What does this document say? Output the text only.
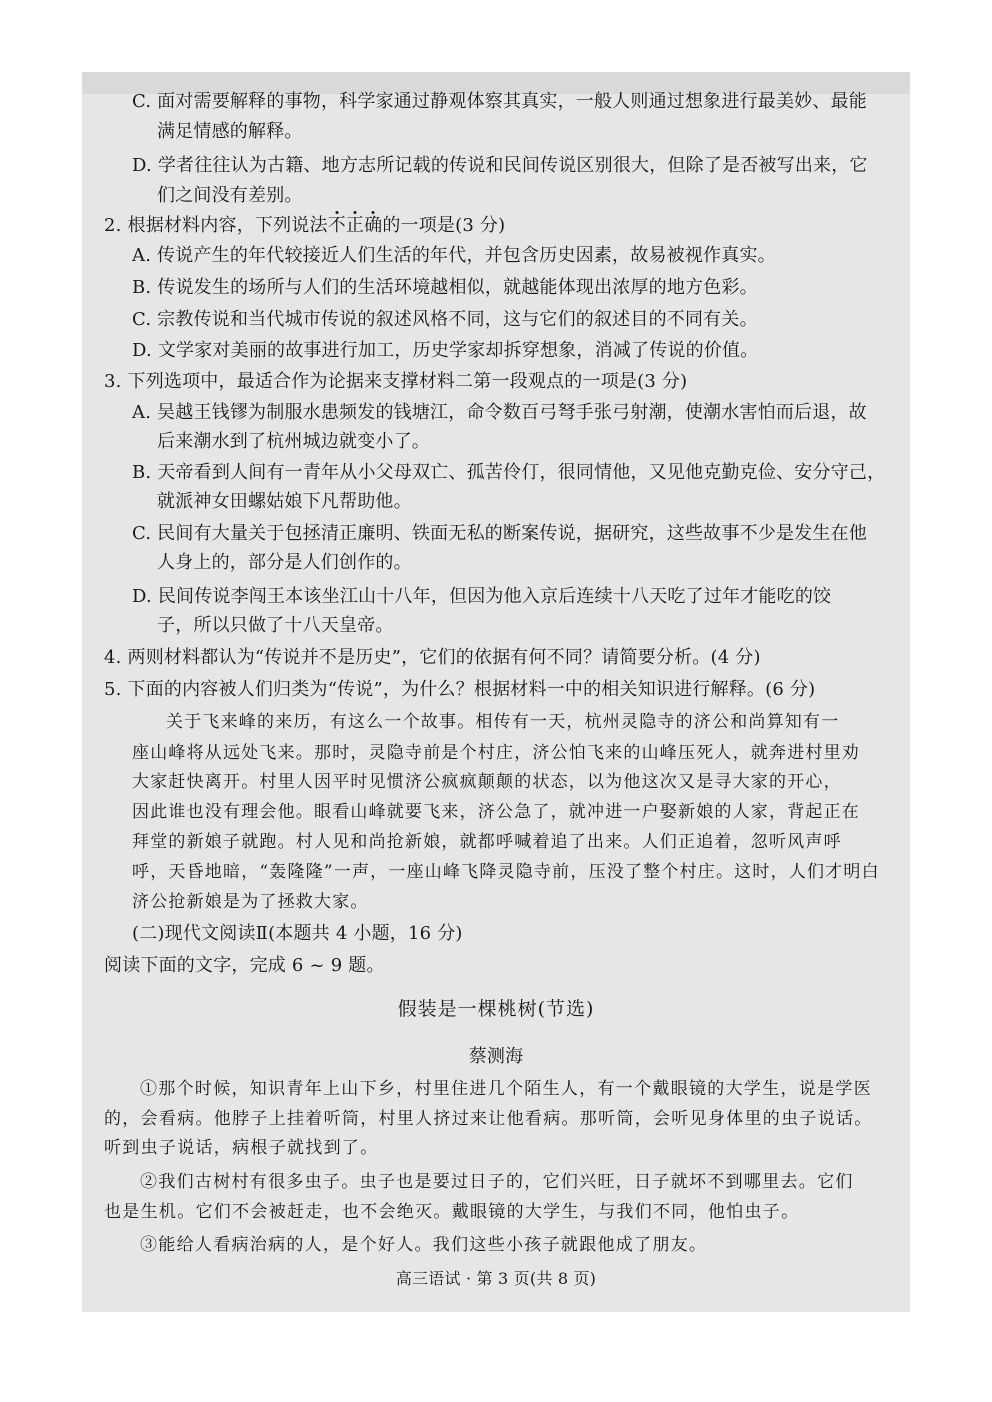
C. 面对需要解释的事物，科学家通过静观体察其真实，一般人则通过想象进行最美妙、最能
满足情感的解释。
D. 学者往往认为古籍、地方志所记载的传说和民间传说区别很大，但除了是否被写出来，它
们之间没有差别。
2. 根据材料内容，下列说法不正确的一项是(3 分)
A. 传说产生的年代较接近人们生活的年代，并包含历史因素，故易被视作真实。
B. 传说发生的场所与人们的生活环境越相似，就越能体现出浓厚的地方色彩。
C. 宗教传说和当代城市传说的叙述风格不同，这与它们的叙述目的不同有关。
D. 文学家对美丽的故事进行加工，历史学家却拆穿想象，消减了传说的价值。
3. 下列选项中，最适合作为论据来支撑材料二第一段观点的一项是(3 分)
A. 吴越王钱镠为制服水患频发的钱塘江，命令数百弓弩手张弓射潮，使潮水害怕而后退，故
后来潮水到了杭州城边就变小了。
B. 天帝看到人间有一青年从小父母双亡、孤苦伶仃，很同情他，又见他克勤克俭、安分守己，
就派神女田螺姑娘下凡帮助他。
C. 民间有大量关于包拯清正廉明、铁面无私的断案传说，据研究，这些故事不少是发生在他
人身上的，部分是人们创作的。
D. 民间传说李闯王本该坐江山十八年，但因为他入京后连续十八天吃了过年才能吃的饺
子，所以只做了十八天皇帝。
4. 两则材料都认为“传说并不是历史”，它们的依据有何不同？请简要分析。(4 分)
5. 下面的内容被人们归类为“传说”，为什么？根据材料一中的相关知识进行解释。(6 分)
关于飞来峰的来历，有这么一个故事。相传有一天，杭州灵隐寺的济公和尚算知有一
座山峰将从远处飞来。那时，灵隐寺前是个村庄，济公怕飞来的山峰压死人，就奔进村里劝
大家赶快离开。村里人因平时见惯济公疯疯颠颠的状态，以为他这次又是寻大家的开心，
因此谁也没有理会他。眼看山峰就要飞来，济公急了，就冲进一户娶新娘的人家，背起正在
拜堂的新娘子就跑。村人见和尚抢新娘，就都呼喊着追了出来。人们正追着，忽听风声呼
呼，天昏地暗，“轰隆隆”一声，一座山峰飞降灵隐寺前，压没了整个村庄。这时，人们才明白
济公抢新娘是为了拯救大家。
(二)现代文阅读Ⅱ(本题共 4 小题，16 分)
阅读下面的文字，完成 6 ~ 9 题。
假装是一棵桃树(节选)
蔡测海
①那个时候，知识青年上山下乡，村里住进几个陌生人，有一个戴眼镜的大学生，说是学医
的，会看病。他脖子上挂着听筒，村里人挤过来让他看病。那听筒，会听见身体里的虫子说话。
听到虫子说话，病根子就找到了。
②我们古树村有很多虫子。虫子也是要过日子的，它们兴旺，日子就坏不到哪里去。它们
也是生机。它们不会被赶走，也不会绝灭。戴眼镜的大学生，与我们不同，他怕虫子。
③能给人看病治病的人，是个好人。我们这些小孩子就跟他成了朋友。
高三语试 · 第 3 页(共 8 页)
